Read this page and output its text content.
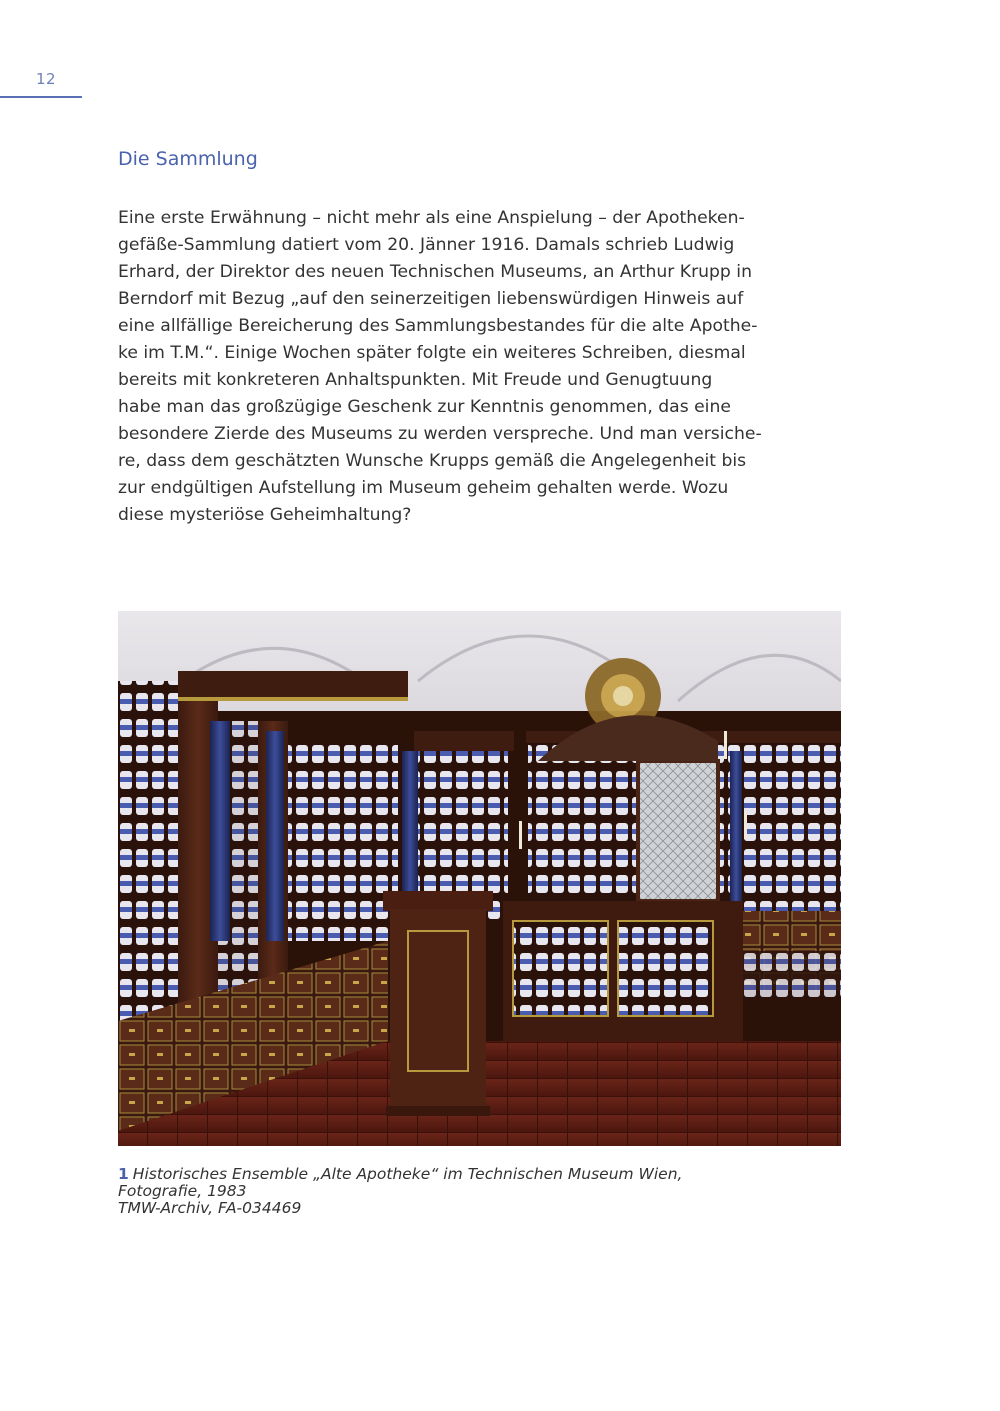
12
Die Sammlung

Eine erste Erwähnung – nicht mehr als eine Anspielung – der Apotheken-
gefäße-Sammlung datiert vom 20. Jänner 1916. Damals schrieb Ludwig
Erhard, der Direktor des neuen Technischen Museums, an Arthur Krupp in
Berndorf mit Bezug „auf den seinerzeitigen liebenswürdigen Hinweis auf
eine allfällige Bereicherung des Sammlungsbestandes für die alte Apothe-
ke im T.M.“. Einige Wochen später folgte ein weiteres Schreiben, diesmal
bereits mit konkreteren Anhaltspunkten. Mit Freude und Genugtuung
habe man das großzügige Geschenk zur Kenntnis genommen, das eine
besondere Zierde des Museums zu werden verspreche. Und man versiche-
re, dass dem geschätzten Wunsche Krupps gemäß die Angelegenheit bis
zur endgültigen Aufstellung im Museum geheim gehalten werde. Wozu
diese mysteriöse Geheimhaltung?

1 Historisches Ensemble „Alte Apotheke“ im Technischen Museum Wien,
Fotografie, 1983
TMW-Archiv, FA-034469
